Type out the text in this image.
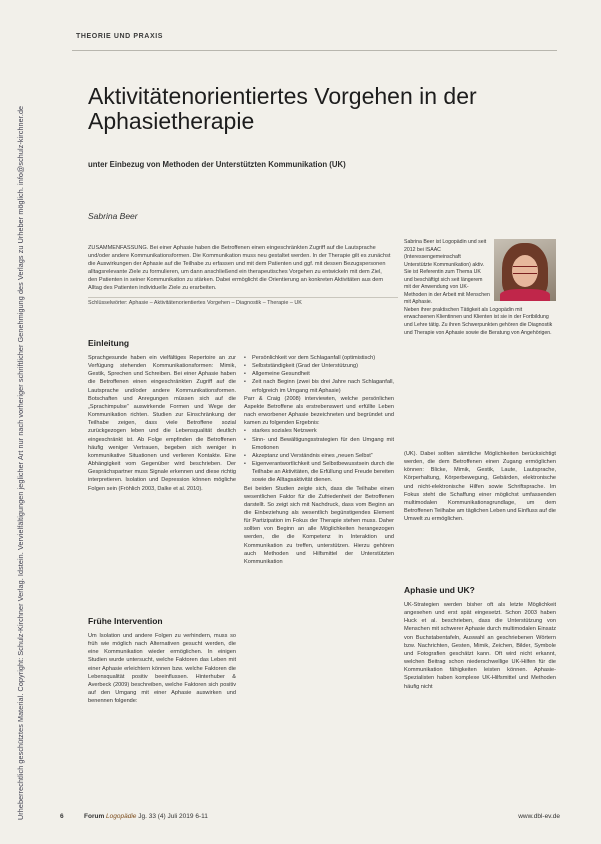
Urheberrechtlich geschütztes Material. Copyright: Schulz-Kirchner Verlag. Idstein. Vervielfältigungen jeglicher Art nur nach vorheriger schriftlicher Genehmigung des Verlags zu Urheber möglich. info@schulz-kirchner.de
THEORIE UND PRAXIS
Aktivitätenorientiertes Vorgehen in der Aphasietherapie
unter Einbezug von Methoden der Unterstützten Kommunikation (UK)
Sabrina Beer
ZUSAMMENFASSUNG. Bei einer Aphasie haben die Betroffenen einen eingeschränkten Zugriff auf die Lautsprache und/oder andere Kommunikationsformen. Die Kommunikation muss neu gestaltet werden. In der Therapie gilt es zunächst die Auswirkungen der Aphasie auf die Teilhabe zu erfassen und mit dem Patienten und ggf. mit dessen Bezugspersonen alltagsrelevante Ziele zu formulieren, um dann anschließend ein therapeutisches Vorgehen zu entwickeln mit dem Ziel, den Patienten in seiner Kommunikation zu stärken. Dabei ermöglicht die Orientierung an konkreten Aktivitäten aus dem Alltag des Patienten individuelle Ziele zu erarbeiten.
Schlüsselwörter: Aphasie – Aktivitätenorientiertes Vorgehen – Diagnostik – Therapie – UK
Sabrina Beer ist Logopädin und seit 2012 bei ISAAC (Interessengemeinschaft Unterstützte Kommunikation) aktiv. Sie ist Referentin zum Thema UK und beschäftigt sich seit längerem mit der Anwendung von UK-Methoden in der Arbeit mit Menschen mit Aphasie.
Neben ihrer praktischen Tätigkeit als Logopädin mit erwachsenen Klientinnen und Klienten ist sie in der Fortbildung und Lehre tätig. Zu ihren Schwerpunkten gehören die Diagnostik und Therapie von Aphasie sowie die Beratung von Angehörigen.
Einleitung

Sprachgesunde haben ein vielfältiges Repertoire an zur Verfügung stehenden Kommunikationsformen: Mimik, Gestik, Sprechen und Schreiben. Bei einer Aphasie haben die Betroffenen einen eingeschränkten Zugriff auf die Lautsprache und/oder andere Kommunikationsformen. Botschaften und Anregungen müssen sich auf die „Sprachimpulse“ auswirkende Formen und Wege der Kommunikation richten. Studien zur Einschränkung der Teilhabe zeigen, dass viele Betroffene sozial zurückgezogen leben und die Lebensqualität deutlich eingeschränkt ist. Ab Folge empfinden die Betroffenen häufig weniger Vertrauen, begeben sich weniger in kommunikative Situationen und verlieren Kontakte. Eine Abhängigkeit vom Gegenüber wird beschrieben. Der Gesprächspartner muss Signale erkennen und diese richtig interpretieren. Isolation und Depression können mögliche Folgen sein (Fröhlich 2003, Dalke et al. 2010).

Frühe Intervention

Um Isolation und andere Folgen zu verhindern, muss so früh wie möglich nach Alternativen gesucht werden, die eine Kommunikation wieder ermöglichen. In einigen Studien wurde untersucht, welche Faktoren das Leben mit einer Aphasie erleichtern können bzw. welche Faktoren die Lebensqualität positiv beeinflussen. Hinterhuber & Averbeck (2009) beschreiben, welche Faktoren sich positiv auf den Umgang mit einer Aphasie auswirken und benennen folgende:

▪ Persönlichkeit vor dem Schlaganfall (optimistisch)
▪ Selbstständigkeit (Grad der Unterstützung)
▪ Allgemeine Gesundheit
▪ Zeit nach Beginn (zwei bis drei Jahre nach Schlaganfall, erfolgreich im Umgang mit Aphasie)

Parr & Craig (2008) interviewten, welche persönlichen Aspekte Betroffene als erstrebenswert und erfüllte Leben nach erworbener Aphasie bezeichneten und begründet und kamen zu folgenden Ergebnis:

▪ starkes soziales Netzwerk
▪ Sinn- und Bewältigungsstrategien für den Umgang mit Emotionen
▪ Akzeptanz und Verständnis eines „neuen Selbst“
▪ Eigenverantwortlichkeit und Selbstbewusstsein durch die Teilhabe an Aktivitäten, die Erfüllung und Freude bereiten sowie die Alltagsaktivität dienen.

Bei beiden Studien zeigte sich, dass die Teilhabe einen wesentlichen Faktor für die Zufriedenheit der Betroffenen darstellt. So zeigt sich mit Nachdruck, dass vom Beginn an die Einbeziehung als wesentlich begünstigendes Element für Partizipation im Fokus der Therapie stehen muss. Daher sollten von Beginn an alle Möglichkeiten herangezogen werden, die die Kompetenz in Interaktion und Kommunikation zu treffen, unterstützen. Hierzu gehören auch Methoden und Hilfsmittel der Unterstützten Kommunikation

(UK). Dabei sollten sämtliche Möglichkeiten berücksichtigt werden, die dem Betroffenen einen Zugang ermöglichen können: Blicke, Mimik, Gestik, Laute, Lautsprache, Körperhaltung, Körperbewegung, Gebärden, elektronische und nicht-elektronische Hilfen sowie Schriftsprache. Im Fokus steht die Schaffung einer möglichst umfassenden multimodalen Kommunikationsgrundlage, um dem Betroffenen Teilhabe am täglichen Leben und Einfluss auf die Umwelt zu ermöglichen.

Aphasie und UK?

UK-Strategien werden bisher oft als letzte Möglichkeit angesehen und erst spät eingesetzt. Schon 2003 haben Huck et al. beschrieben, dass die Unterstützung von Menschen mit schwerer Aphasie durch multimodalen Einsatz von Buchstabentafeln, Auswahl an geschriebenen Wörtern bzw. Nachrichten, Gesten, Mimik, Zeichen, Bilder, Symbole und Fotografien geschätzt kann. Oft wird nicht erkannt, welchen Beitrag schon niederschwellige UK-Hilfen für die Kommunikation fähigkeiten leisten können. Aphasie-Spezialisten haben komplexe UK-Hilfsmittel und Methoden häufig nicht

6	Forum Logopädie Jg. 33 (4) Juli 2019 6-11	www.dbl-ev.de
